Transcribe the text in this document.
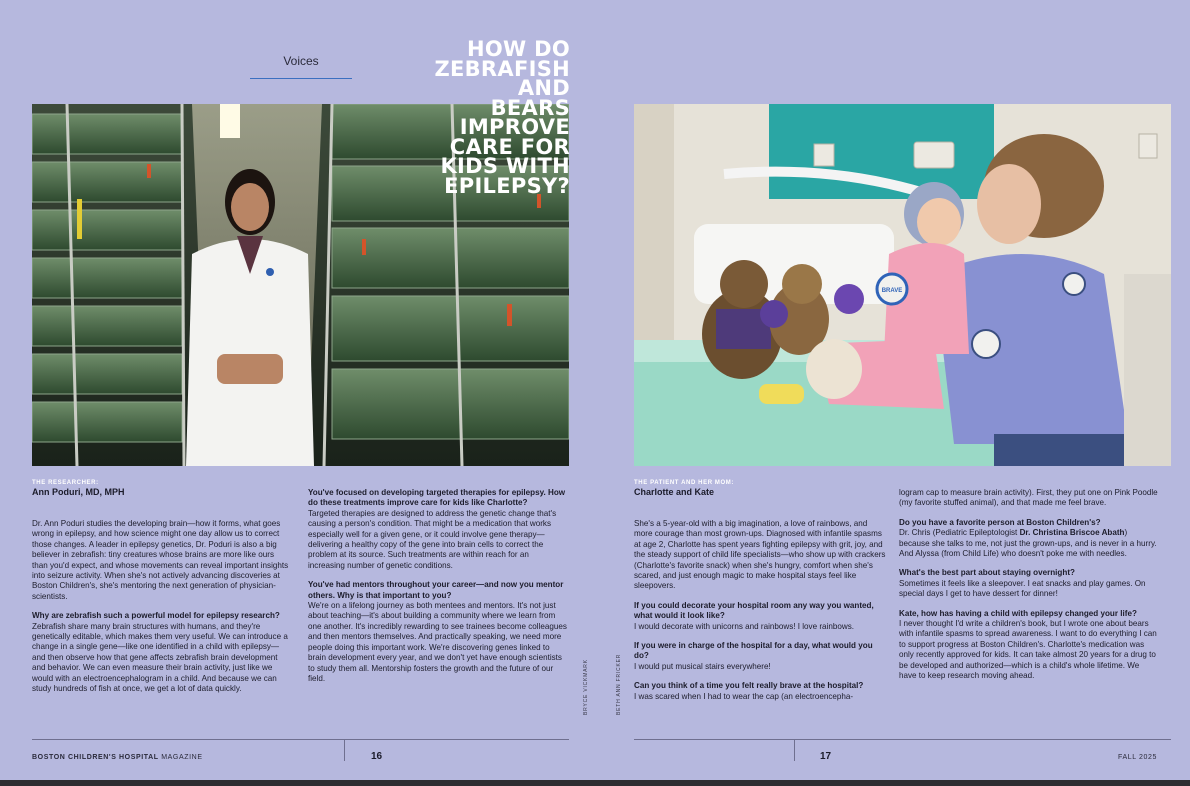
Voices	HOW DO
ZEBRAFISH
AND
BEARS
IMPROVE
CARE FOR
KIDS WITH
EPILEPSY?
BRAVE
THE RESEARCHER:
Ann Poduri, MD, MPH
THE PATIENT AND HER MOM:
Charlotte and Kate

Dr. Ann Poduri studies the developing brain—how it forms, what goes wrong in epilepsy, and how science might one day allow us to correct those changes. A leader in epilepsy genetics, Dr. Poduri is also a big believer in zebrafish: tiny creatures whose brains are more like ours than you'd expect, and whose movements can reveal important insights into seizure activity. When she's not actively advancing discoveries at Boston Children's, she's mentoring the next generation of physician-scientists.

Why are zebrafish such a powerful model for epilepsy research?
Zebrafish share many brain structures with humans, and they're genetically editable, which makes them very useful. We can introduce a change in a single gene—like one identified in a child with epilepsy—and then observe how that gene affects zebrafish brain development and behavior. We can even measure their brain activity, just like we would with an electroencephalogram in a child. And because we can study hundreds of fish at once, we get a lot of data quickly.

You've focused on developing targeted therapies for epilepsy. How do these treatments improve care for kids like Charlotte?
Targeted therapies are designed to address the genetic change that's causing a person's condition. That might be a medication that works especially well for a given gene, or it could involve gene therapy—delivering a healthy copy of the gene into brain cells to correct the problem at its source. Such treatments are within reach for an increasing number of genetic conditions.

You've had mentors throughout your career—and now you mentor others. Why is that important to you?
We're on a lifelong journey as both mentees and mentors. It's not just about teaching—it's about building a community where we learn from one another. It's incredibly rewarding to see trainees become colleagues and then mentors themselves. And practically speaking, we need more people doing this important work. We're discovering genes linked to brain development every year, and we don't yet have enough scientists to study them all. Mentorship fosters the growth and the future of our field.	BRYCE VICKMARK	BETH ANN FRICKER

She's a 5-year-old with a big imagination, a love of rainbows, and more courage than most grown-ups. Diagnosed with infantile spasms at age 2, Charlotte has spent years fighting epilepsy with grit, joy, and the steady support of child life specialists—who show up with crackers (Charlotte's favorite snack) when she's hungry, comfort when she's scared, and just enough magic to make hospital stays feel like sleepovers.

If you could decorate your hospital room any way you wanted, what would it look like?
I would decorate with unicorns and rainbows! I love rainbows.

If you were in charge of the hospital for a day, what would you do?
I would put musical stairs everywhere!

Can you think of a time you felt really brave at the hospital?
I was scared when I had to wear the cap (an electroencepha-

logram cap to measure brain activity). First, they put one on Pink Poodle (my favorite stuffed animal), and that made me feel brave.

Do you have a favorite person at Boston Children's?
Dr. Chris (Pediatric Epileptologist Dr. Christina Briscoe Abath) because she talks to me, not just the grown-ups, and is never in a hurry. And Alyssa (from Child Life) who doesn't poke me with needles.

What's the best part about staying overnight?
Sometimes it feels like a sleepover. I eat snacks and play games. On special days I get to have dessert for dinner!

Kate, how has having a child with epilepsy changed your life?
I never thought I'd write a children's book, but I wrote one about bears with infantile spasms to spread awareness. I want to do everything I can to support progress at Boston Children's. Charlotte's medication was only recently approved for kids. It can take almost 20 years for a drug to be developed and authorized—which is a child's whole lifetime. We have to keep research moving ahead.

BOSTON CHILDREN'S HOSPITAL MAGAZINE	16	17	FALL 2025
